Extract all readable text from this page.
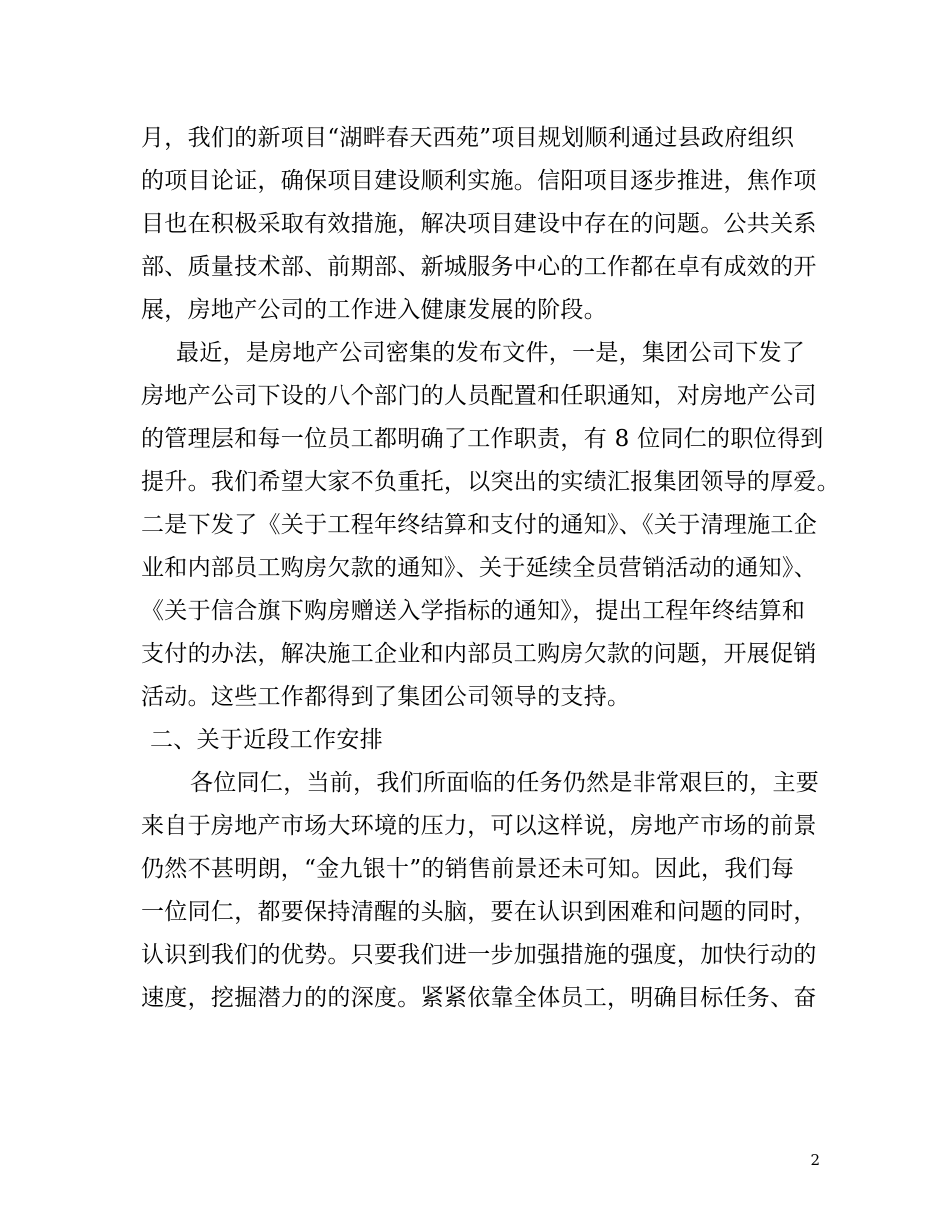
月，我们的新项目“湖畔春天西苑”项目规划顺利通过县政府组织
的项目论证，确保项目建设顺利实施。信阳项目逐步推进，焦作项
目也在积极采取有效措施，解决项目建设中存在的问题。公共关系
部、质量技术部、前期部、新城服务中心的工作都在卓有成效的开
展，房地产公司的工作进入健康发展的阶段。
最近，是房地产公司密集的发布文件，一是，集团公司下发了
房地产公司下设的八个部门的人员配置和任职通知，对房地产公司
的管理层和每一位员工都明确了工作职责，有 8 位同仁的职位得到
提升。我们希望大家不负重托，以突出的实绩汇报集团领导的厚爱。
二是下发了《关于工程年终结算和支付的通知》、《关于清理施工企
业和内部员工购房欠款的通知》、关于延续全员营销活动的通知》、
《关于信合旗下购房赠送入学指标的通知》，提出工程年终结算和
支付的办法，解决施工企业和内部员工购房欠款的问题，开展促销
活动。这些工作都得到了集团公司领导的支持。
二、关于近段工作安排
各位同仁，当前，我们所面临的任务仍然是非常艰巨的，主要
来自于房地产市场大环境的压力，可以这样说，房地产市场的前景
仍然不甚明朗，“金九银十”的销售前景还未可知。因此，我们每
一位同仁，都要保持清醒的头脑，要在认识到困难和问题的同时，
认识到我们的优势。只要我们进一步加强措施的强度，加快行动的
速度，挖掘潜力的的深度。紧紧依靠全体员工，明确目标任务、奋
2
